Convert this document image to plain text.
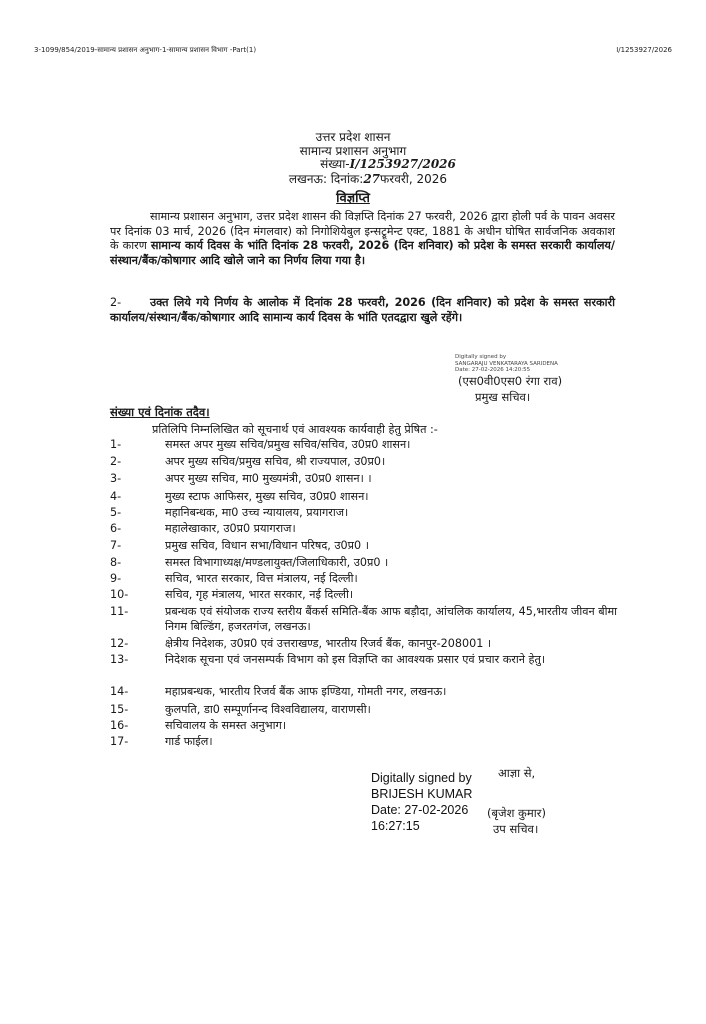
3-1099/854/2019-सामान्य प्रशासन अनुभाग-1-सामान्य प्रशासन विभाग -Part(1)	I/1253927/2026
उत्तर प्रदेश शासन
सामान्य प्रशासन अनुभाग
संख्या-I/1253927/2026
लखनऊ: दिनांक:27फरवरी, 2026
विज्ञप्ति
सामान्य प्रशासन अनुभाग, उत्तर प्रदेश शासन की विज्ञप्ति दिनांक 27 फरवरी, 2026 द्वारा होली पर्व के पावन अवसर पर दिनांक 03 मार्च, 2026 (दिन मंगलवार) को निगोशियेबुल इन्सट्रूमेन्ट एक्ट, 1881 के अधीन घोषित सार्वजनिक अवकाश के कारण सामान्य कार्य दिवस के भांति दिनांक 28 फरवरी, 2026 (दिन शनिवार) को प्रदेश के समस्त सरकारी कार्यालय/संस्थान/बैंक/कोषागार आदि खोले जाने का निर्णय लिया गया है।
2-	उक्त लिये गये निर्णय के आलोक में दिनांक 28 फरवरी, 2026 (दिन शनिवार) को प्रदेश के समस्त सरकारी कार्यालय/संस्थान/बैंक/कोषागार आदि सामान्य कार्य दिवस के भांति एतदद्वारा खुले रहेंगे।
Digitally signed by
SANGARAJU VENKATARAYA SARIDENA
Date: 27-02-2026 14:20:55
(एस0वी0एस0 रंगा राव)
प्रमुख सचिव।
संख्या एवं दिनांक तदैव।
प्रतिलिपि निम्नलिखित को सूचनार्थ एवं आवश्यक कार्यवाही हेतु प्रेषित :-
1-	समस्त अपर मुख्य सचिव/प्रमुख सचिव/सचिव, उ0प्र0 शासन।
2-	अपर मुख्य सचिव/प्रमुख सचिव, श्री राज्यपाल, उ0प्र0।
3-	अपर मुख्य सचिव, मा0 मुख्यमंत्री, उ0प्र0 शासन। ।
4-	मुख्य स्टाफ आफिसर, मुख्य सचिव, उ0प्र0 शासन।
5-	महानिबन्धक, मा0 उच्च न्यायालय, प्रयागराज।
6-	महालेखाकार, उ0प्र0 प्रयागराज।
7-	प्रमुख सचिव, विधान सभा/विधान परिषद, उ0प्र0 ।
8-	समस्त विभागाध्यक्ष/मण्डलायुक्त/जिलाधिकारी, उ0प्र0 ।
9-	सचिव, भारत सरकार, वित्त मंत्रालय, नई दिल्ली।
10-	सचिव, गृह मंत्रालय, भारत सरकार, नई दिल्ली।
11-	प्रबन्धक एवं संयोजक राज्य स्तरीय बैंकर्स समिति-बैंक आफ बड़ौदा, आंचलिक कार्यालय, 45,भारतीय जीवन बीमा निगम बिल्डिंग, हजरतगंज, लखनऊ।
12-	क्षेत्रीय निदेशक, उ0प्र0 एवं उत्तराखण्ड, भारतीय रिजर्व बैंक, कानपुर-208001 ।
13-	निदेशक सूचना एवं जनसम्पर्क विभाग को इस विज्ञप्ति का आवश्यक प्रसार एवं प्रचार कराने हेतु।
14-	महाप्रबन्धक, भारतीय रिजर्व बैंक आफ इण्डिया, गोमती नगर, लखनऊ।
15-	कुलपति, डा0 सम्पूर्णानन्द विश्वविद्यालय, वाराणसी।
16-	सचिवालय के समस्त अनुभाग।
17-	गार्ड फाईल।
Digitally signed by
BRIJESH KUMAR
Date: 27-02-2026
16:27:15
आज्ञा से,
(बृजेश कुमार)
उप सचिव।
